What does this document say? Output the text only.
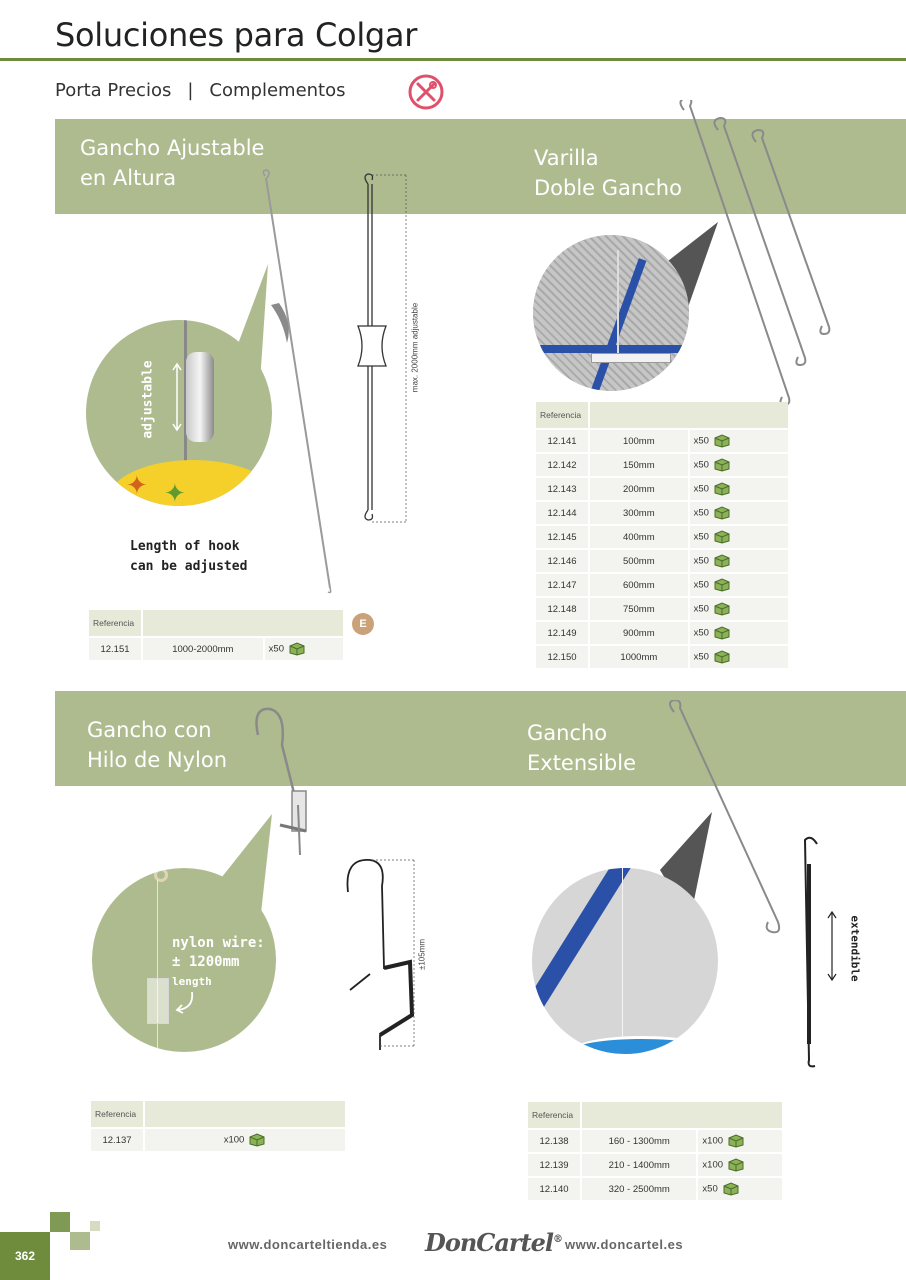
Soluciones para Colgar
Porta Precios | Complementos
Gancho Ajustable
en Altura
max. 2000mm adjustable
✦ ✦
adjustable
Length of hook
can be adjusted
Referencia		
12.151	1000-2000mm	x50
E
Varilla
Doble Gancho
Referencia		
12.141	100mm	x50
12.142	150mm	x50
12.143	200mm	x50
12.144	300mm	x50
12.145	400mm	x50
12.146	500mm	x50
12.147	600mm	x50
12.148	750mm	x50
12.149	900mm	x50
12.150	1000mm	x50
Gancho con
Hilo de Nylon
±105mm
nylon wire:
± 1200mm
length
Referencia	
12.137	x100
Gancho
Extensible
extendible
Referencia		
12.138	160 - 1300mm	x100
12.139	210 - 1400mm	x100
12.140	320 - 2500mm	x50
362
www.doncarteltienda.es DonCartel® www.doncartel.es
